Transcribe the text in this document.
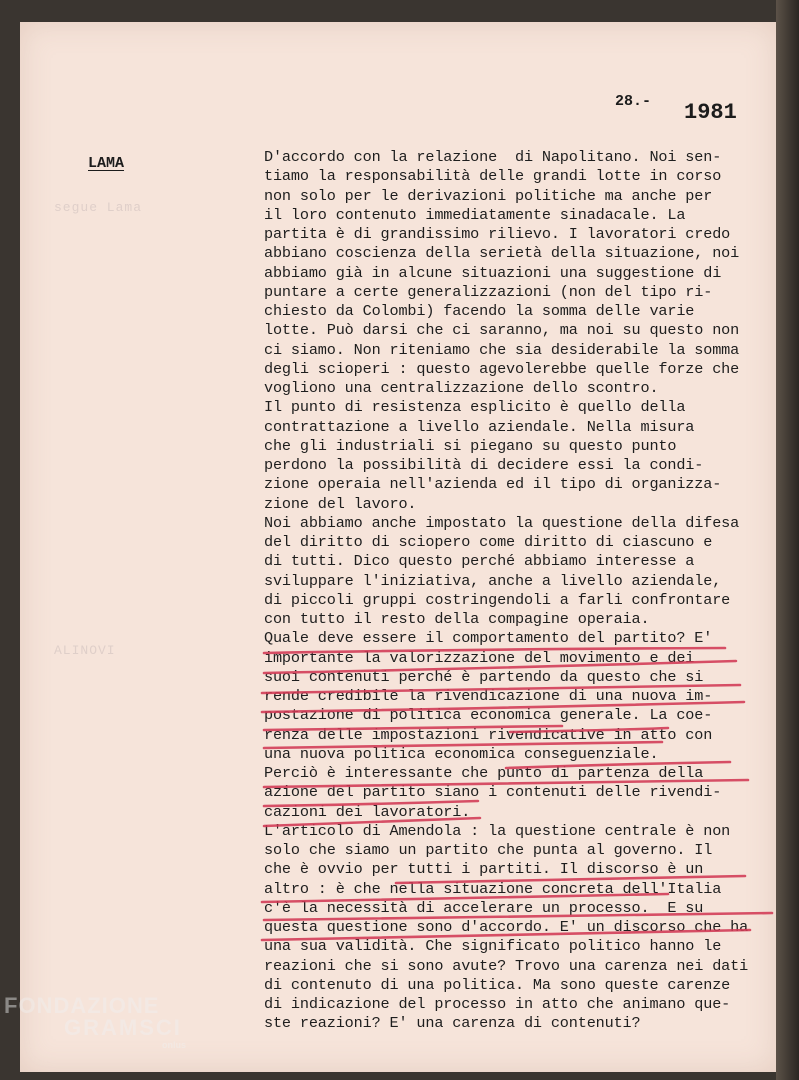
segue Lama
ALINOVI
28.- 1981
LAMA	D'accordo con la relazione  di Napolitano. Noi sen-
tiamo la responsabilità delle grandi lotte in corso
non solo per le derivazioni politiche ma anche per
il loro contenuto immediatamente sinadacale. La
partita è di grandissimo rilievo. I lavoratori credo
abbiano coscienza della serietà della situazione, noi
abbiamo già in alcune situazioni una suggestione di
puntare a certe generalizzazioni (non del tipo ri-
chiesto da Colombi) facendo la somma delle varie
lotte. Può darsi che ci saranno, ma noi su questo non
ci siamo. Non riteniamo che sia desiderabile la somma
degli scioperi : questo agevolerebbe quelle forze che
vogliono una centralizzazione dello scontro.
Il punto di resistenza esplicito è quello della
contrattazione a livello aziendale. Nella misura
che gli industriali si piegano su questo punto
perdono la possibilità di decidere essi la condi-
zione operaia nell'azienda ed il tipo di organizza-
zione del lavoro.
Noi abbiamo anche impostato la questione della difesa
del diritto di sciopero come diritto di ciascuno e
di tutti. Dico questo perché abbiamo interesse a
sviluppare l'iniziativa, anche a livello aziendale,
di piccoli gruppi costringendoli a farli confrontare
con tutto il resto della compagine operaia.
Quale deve essere il comportamento del partito? E'
importante la valorizzazione del movimento e dei
suoi contenuti perché è partendo da questo che si
rende credibile la rivendicazione di una nuova im-
postazione di politica economica generale. La coe-
renza delle impostazioni rivendicative in atto con
una nuova politica economica conseguenziale.
Perciò è interessante che punto di partenza della
azione del partito siano i contenuti delle rivendi-
cazioni dei lavoratori.
L'articolo di Amendola : la questione centrale è non
solo che siamo un partito che punta al governo. Il
che è ovvio per tutti i partiti. Il discorso è un
altro : è che nella situazione concreta dell'Italia
c'è la necessità di accelerare un processo.  E su
questa questione sono d'accordo. E' un discorso che ha
una sua validità. Che significato politico hanno le
reazioni che si sono avute? Trovo una carenza nei dati
di contenuto di una politica. Ma sono queste carenze
di indicazione del processo in atto che animano que-
ste reazioni? E' una carenza di contenuti?
FONDAZIONE
GRAMSCI
onlus
